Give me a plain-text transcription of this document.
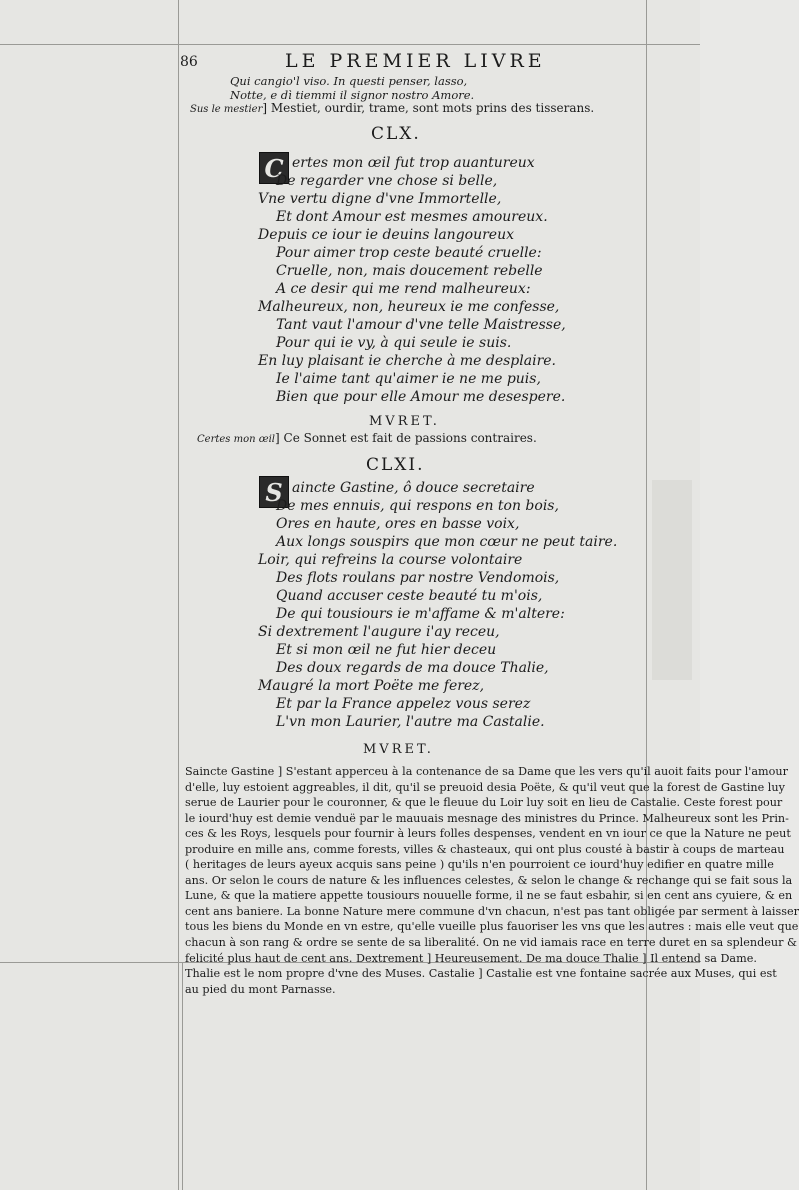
86	LE PREMIER LIVRE
Qui cangio'l viso. In questi penser, lasso,
Notte, e dì tiemmi il signor nostro Amore.
Sus le mestier] Mestiet, ourdir, trame, sont mots prins des tisserans.
CLX.
C ertes mon œil fut trop auantureux
De regarder vne chose si belle,
Vne vertu digne d'vne Immortelle,
Et dont Amour est mesmes amoureux.
Depuis ce iour ie deuins langoureux
Pour aimer trop ceste beauté cruelle:
Cruelle, non, mais doucement rebelle
A ce desir qui me rend malheureux:
Malheureux, non, heureux ie me confesse,
Tant vaut l'amour d'vne telle Maistresse,
Pour qui ie vy, à qui seule ie suis.
En luy plaisant ie cherche à me desplaire.
Ie l'aime tant qu'aimer ie ne me puis,
Bien que pour elle Amour me desespere.
MVRET.
Certes mon œil] Ce Sonnet est fait de passions contraires.
CLXI.
S aincte Gastine, ô douce secretaire
De mes ennuis, qui respons en ton bois,
Ores en haute, ores en basse voix,
Aux longs souspirs que mon cœur ne peut taire.
Loir, qui refreins la course volontaire
Des flots roulans par nostre Vendomois,
Quand accuser ceste beauté tu m'ois,
De qui tousiours ie m'affame & m'altere:
Si dextrement l'augure i'ay receu,
Et si mon œil ne fut hier deceu
Des doux regards de ma douce Thalie,
Maugré la mort Poëte me ferez,
Et par la France appelez vous serez
L'vn mon Laurier, l'autre ma Castalie.
MVRET.
Saincte Gastine ] S'estant apperceu à la contenance de sa Dame que les vers qu'il auoit faits pour l'amour
d'elle, luy estoient aggreables, il dit, qu'il se preuoid desia Poëte, & qu'il veut que la forest de Gastine luy
serue de Laurier pour le couronner, & que le fleuue du Loir luy soit en lieu de Castalie. Ceste forest pour
le iourd'huy est demie venduë par le mauuais mesnage des ministres du Prince. Malheureux sont les Prin-
ces & les Roys, lesquels pour fournir à leurs folles despenses, vendent en vn iour ce que la Nature ne peut
produire en mille ans, comme forests, villes & chasteaux, qui ont plus cousté à bastir à coups de marteau
( heritages de leurs ayeux acquis sans peine ) qu'ils n'en pourroient ce iourd'huy edifier en quatre mille
ans. Or selon le cours de nature & les influences celestes, & selon le change & rechange qui se fait sous la
Lune, & que la matiere appette tousiours nouuelle forme, il ne se faut esbahir, si en cent ans cyuiere, & en
cent ans baniere. La bonne Nature mere commune d'vn chacun, n'est pas tant obligée par serment à laisser
tous les biens du Monde en vn estre, qu'elle vueille plus fauoriser les vns que les autres : mais elle veut que
chacun à son rang & ordre se sente de sa liberalité. On ne vid iamais race en terre duret en sa splendeur &
felicité plus haut de cent ans. Dextrement ] Heureusement. De ma douce Thalie ] Il entend sa Dame.
Thalie est le nom propre d'vne des Muses. Castalie ] Castalie est vne fontaine sacrée aux Muses, qui est
au pied du mont Parnasse.
